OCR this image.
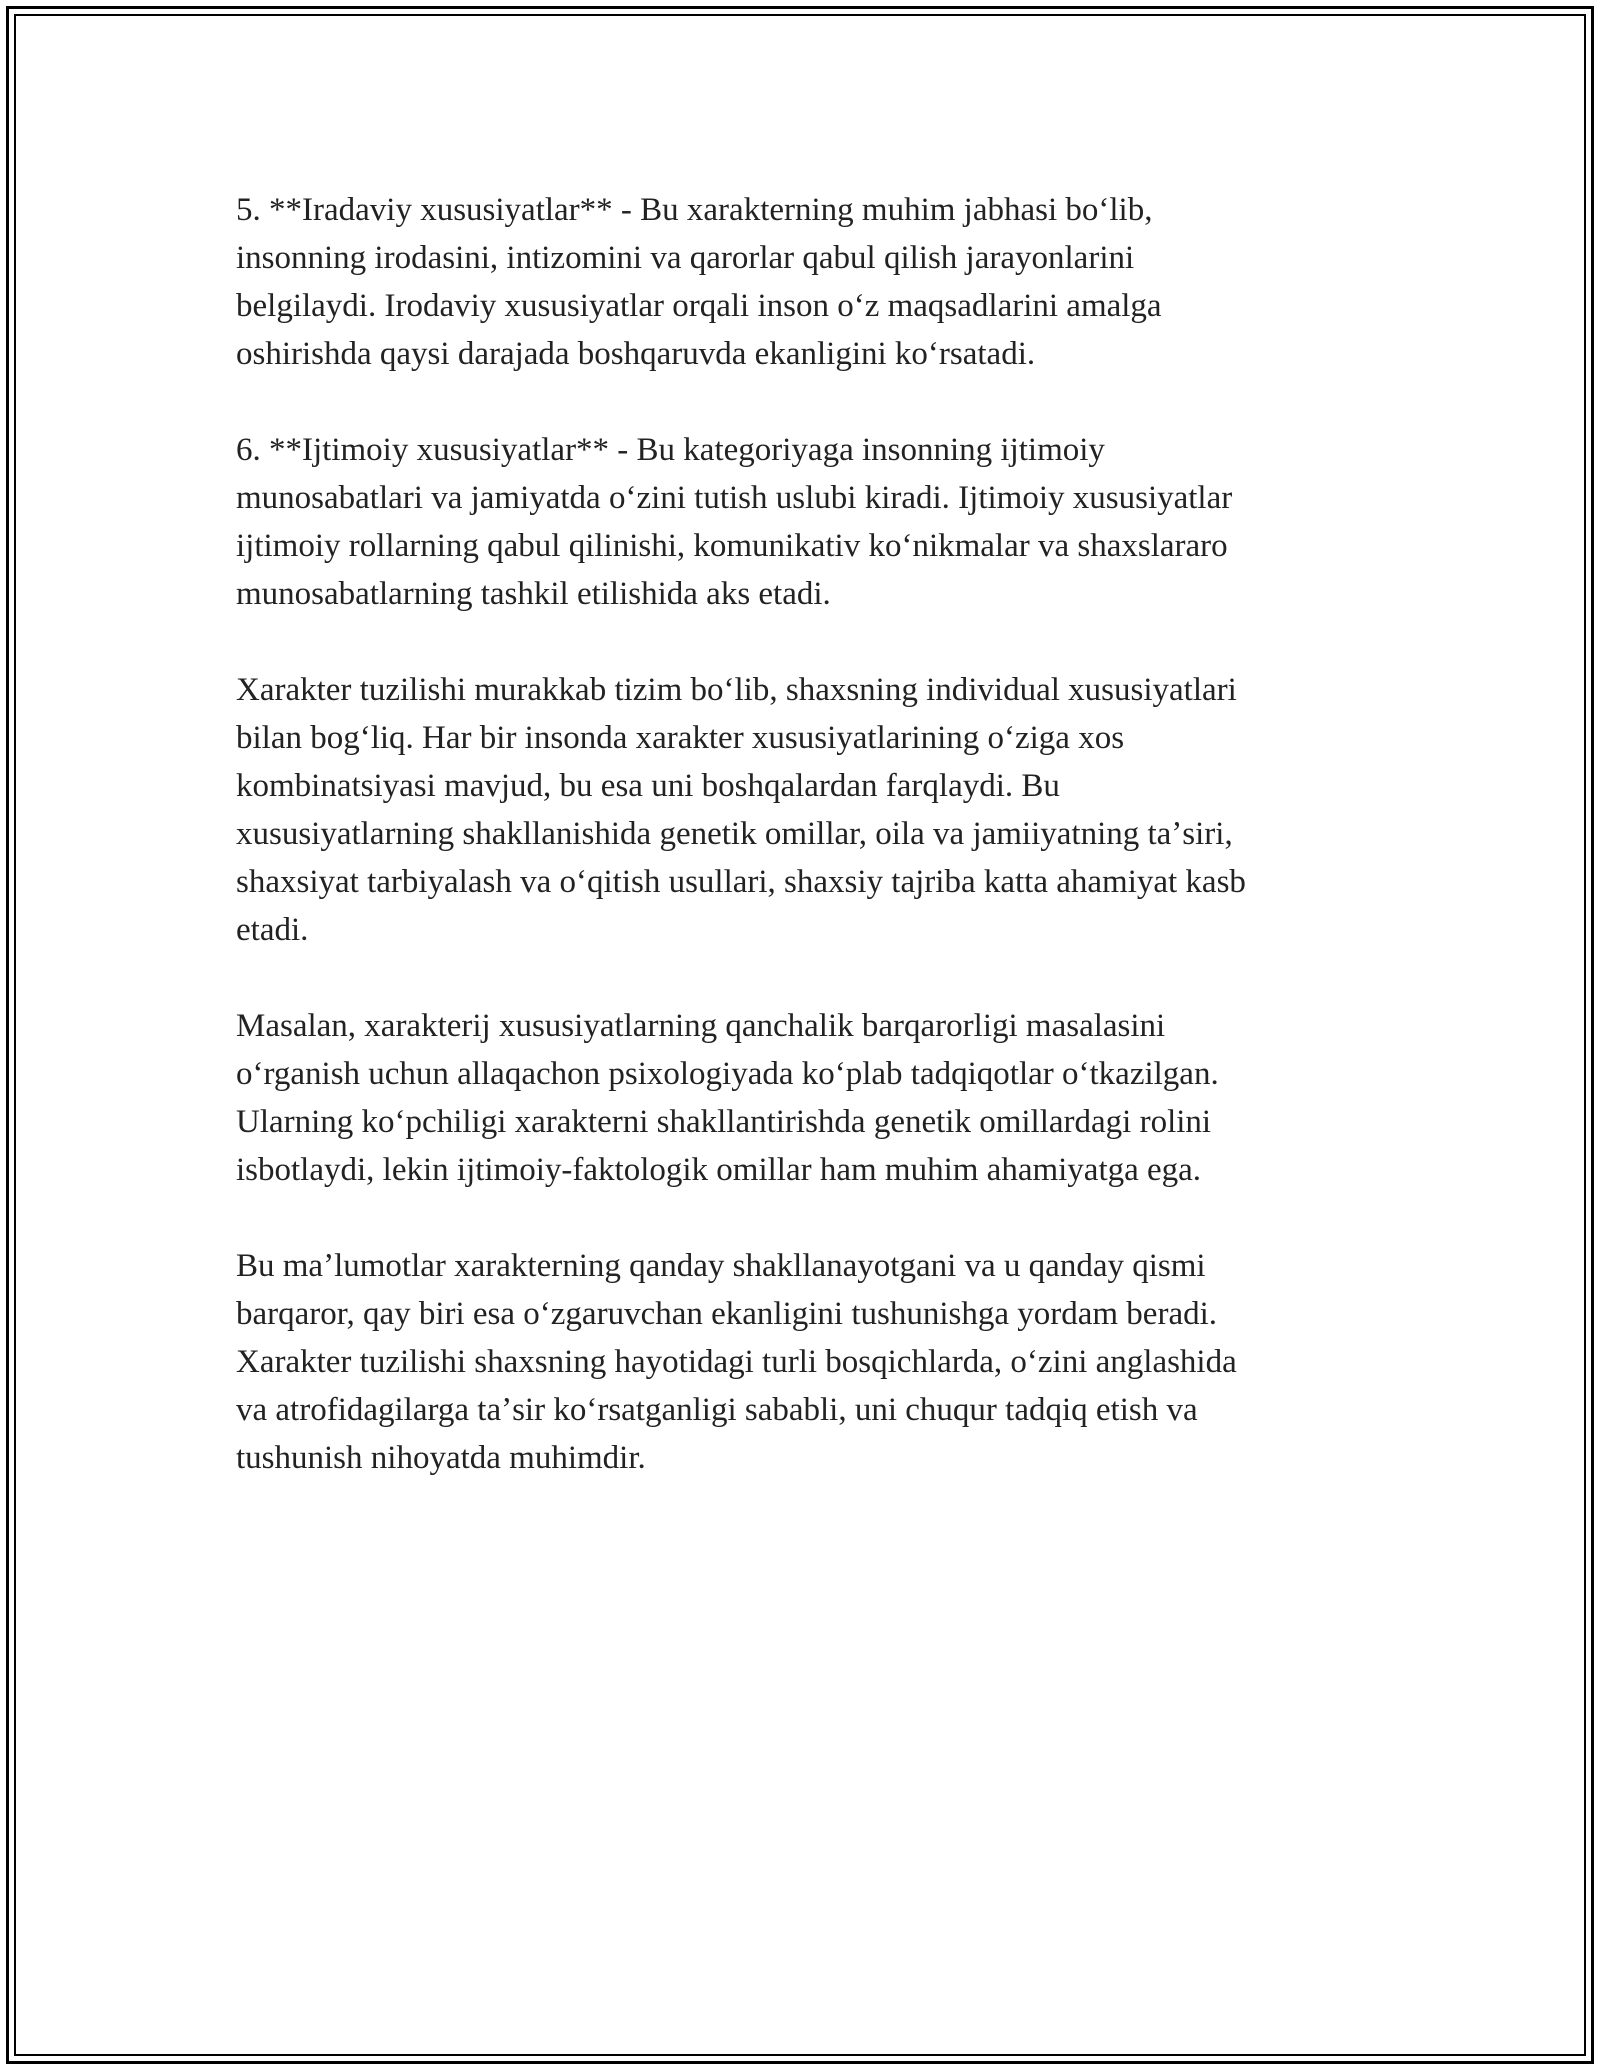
5. **Iradaviy xususiyatlar** - Bu xarakterning muhim jabhasi boʻlib,
insonning irodasini, intizomini va qarorlar qabul qilish jarayonlarini
belgilaydi. Irodaviy xususiyatlar orqali inson oʻz maqsadlarini amalga
oshirishda qaysi darajada boshqaruvda ekanligini koʻrsatadi.

6. **Ijtimoiy xususiyatlar** - Bu kategoriyaga insonning ijtimoiy
munosabatlari va jamiyatda oʻzini tutish uslubi kiradi. Ijtimoiy xususiyatlar
ijtimoiy rollarning qabul qilinishi, komunikativ koʻnikmalar va shaxslararo
munosabatlarning tashkil etilishida aks etadi.

Xarakter tuzilishi murakkab tizim boʻlib, shaxsning individual xususiyatlari
bilan bogʻliq. Har bir insonda xarakter xususiyatlarining oʻziga xos
kombinatsiyasi mavjud, bu esa uni boshqalardan farqlaydi. Bu
xususiyatlarning shakllanishida genetik omillar, oila va jamiiyatning taʼsiri,
shaxsiyat tarbiyalash va oʻqitish usullari, shaxsiy tajriba katta ahamiyat kasb
etadi.

Masalan, xarakterij xususiyatlarning qanchalik barqarorligi masalasini
oʻrganish uchun allaqachon psixologiyada koʻplab tadqiqotlar oʻtkazilgan.
Ularning koʻpchiligi xarakterni shakllantirishda genetik omillardagi rolini
isbotlaydi, lekin ijtimoiy-faktologik omillar ham muhim ahamiyatga ega.

Bu maʼlumotlar xarakterning qanday shakllanayotgani va u qanday qismi
barqaror, qay biri esa oʻzgaruvchan ekanligini tushunishga yordam beradi.
Xarakter tuzilishi shaxsning hayotidagi turli bosqichlarda, oʻzini anglashida
va atrofidagilarga taʼsir koʻrsatganligi sababli, uni chuqur tadqiq etish va
tushunish nihoyatda muhimdir.
